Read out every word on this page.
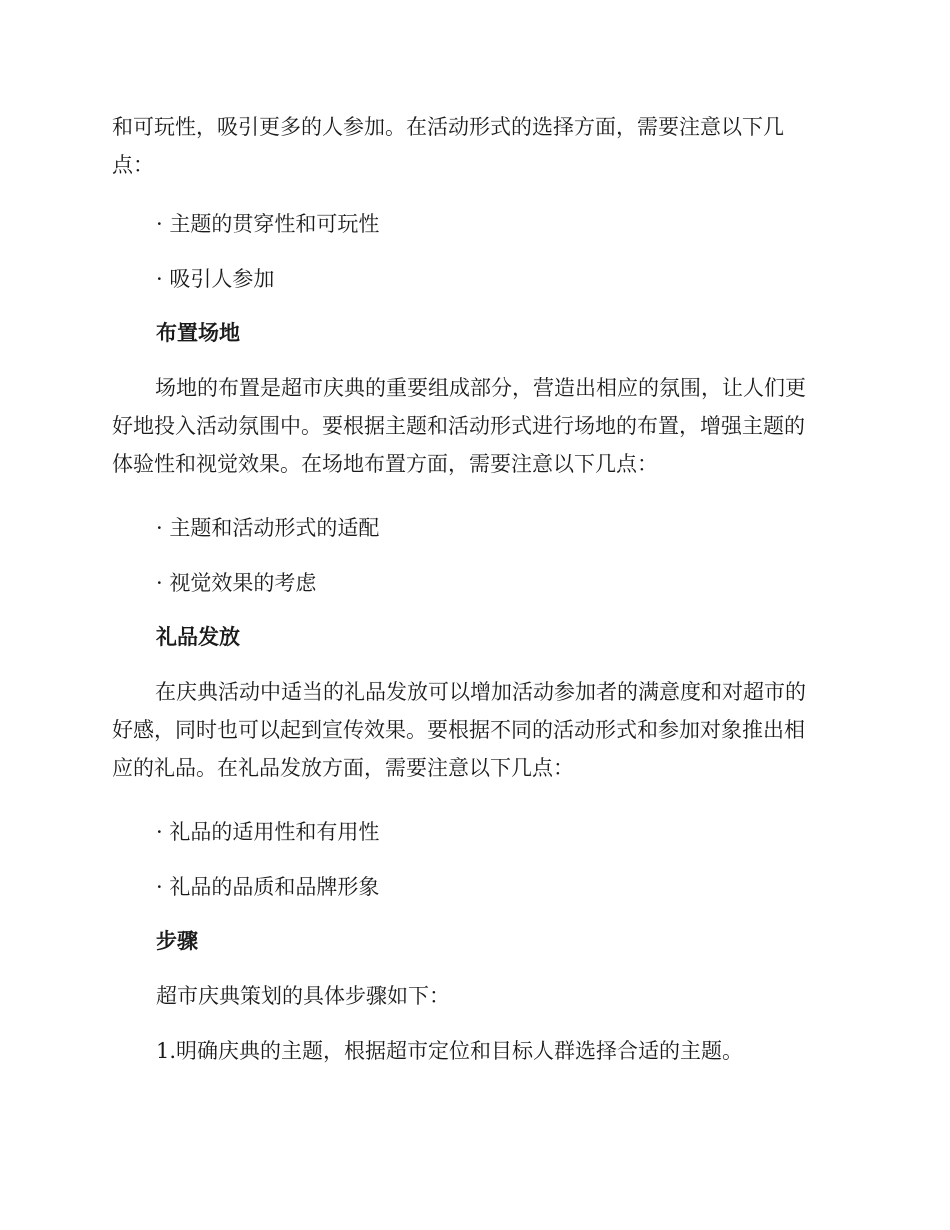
和可玩性，吸引更多的人参加。在活动形式的选择方面，需要注意以下几
点：

· 主题的贯穿性和可玩性

· 吸引人参加

布置场地
场地的布置是超市庆典的重要组成部分，营造出相应的氛围，让人们更
好地投入活动氛围中。要根据主题和活动形式进行场地的布置，增强主题的
体验性和视觉效果。在场地布置方面，需要注意以下几点：

· 主题和活动形式的适配

· 视觉效果的考虑

礼品发放
在庆典活动中适当的礼品发放可以增加活动参加者的满意度和对超市的
好感，同时也可以起到宣传效果。要根据不同的活动形式和参加对象推出相
应的礼品。在礼品发放方面，需要注意以下几点：

· 礼品的适用性和有用性

· 礼品的品质和品牌形象

步骤

超市庆典策划的具体步骤如下：

1.明确庆典的主题，根据超市定位和目标人群选择合适的主题。
